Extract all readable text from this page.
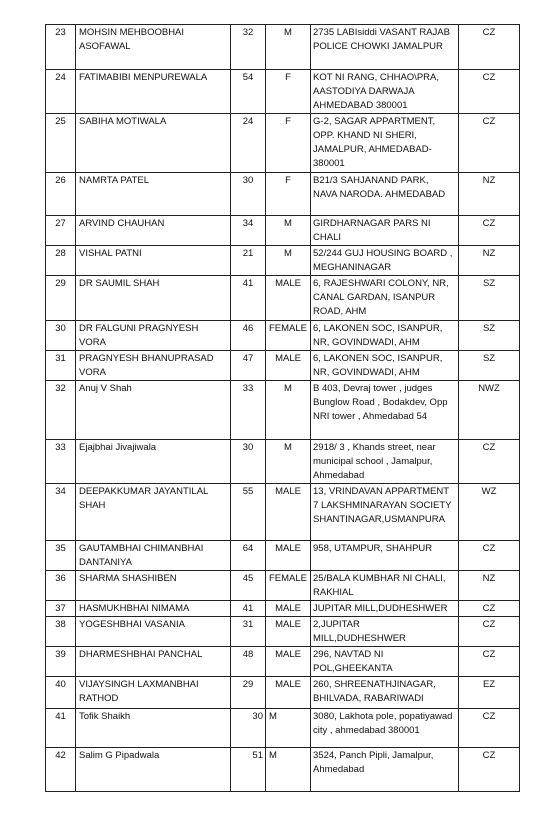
23	MOHSIN MEHBOOBHAI ASOFAWAL	32	M	2735 LABIsiddi VASANT RAJAB POLICE CHOWKI JAMALPUR	CZ
24	FATIMABIBI MENPUREWALA	54	F	KOT NI RANG, CHHAO\PRA, AASTODIYA DARWAJA AHMEDABAD 380001	CZ
25	SABIHA MOTIWALA	24	F	G-2, SAGAR APPARTMENT, OPP. KHAND NI SHERI, JAMALPUR, AHMEDABAD-380001	CZ
26	NAMRTA PATEL	30	F	B21/3 SAHJANAND PARK, NAVA NARODA. AHMEDABAD	NZ
27	ARVIND CHAUHAN	34	M	GIRDHARNAGAR PARS NI CHALI	CZ
28	VISHAL PATNI	21	M	52/244 GUJ HOUSING BOARD , MEGHANINAGAR	NZ
29	DR SAUMIL SHAH	41	MALE	6, RAJESHWARI COLONY, NR, CANAL GARDAN, ISANPUR ROAD, AHM	SZ
30	DR FALGUNI PRAGNYESH VORA	46	FEMALE	6, LAKONEN SOC, ISANPUR, NR, GOVINDWADI, AHM	SZ
31	PRAGNYESH BHANUPRASAD VORA	47	MALE	6, LAKONEN SOC, ISANPUR, NR, GOVINDWADI, AHM	SZ
32	Anuj V Shah	33	M	B 403, Devraj tower , judges Bunglow Road , Bodakdev, Opp NRI tower , Ahmedabad 54	NWZ
33	Ejajbhai Jivajiwala	30	M	2918/ 3 , Khands street, near municipal school , Jamalpur, Ahmedabad	CZ
34	DEEPAKKUMAR JAYANTILAL SHAH	55	MALE	13, VRINDAVAN APPARTMENT 7 LAKSHMINARAYAN SOCIETY SHANTINAGAR,USMANPURA	WZ
35	GAUTAMBHAI CHIMANBHAI DANTANIYA	64	MALE	958, UTAMPUR, SHAHPUR	CZ
36	SHARMA SHASHIBEN	45	FEMALE	25/BALA KUMBHAR NI CHALI, RAKHIAL	NZ
37	HASMUKHBHAI NIMAMA	41	MALE	JUPITAR MILL,DUDHESHWER	CZ
38	YOGESHBHAI VASANIA	31	MALE	2,JUPITAR MILL,DUDHESHWER	CZ
39	DHARMESHBHAI PANCHAL	48	MALE	296, NAVTAD NI POL,GHEEKANTA	CZ
40	VIJAYSINGH LAXMANBHAI RATHOD	29	MALE	260, SHREENATHJINAGAR, BHILVADA, RABARIWADI	EZ
41	Tofik Shaikh	30	M	3080, Lakhota pole, popatiyawad city , ahmedabad 380001	CZ
42	Salim G Pipadwala	51	M	3524, Panch Pipli, Jamalpur, Ahmedabad	CZ
